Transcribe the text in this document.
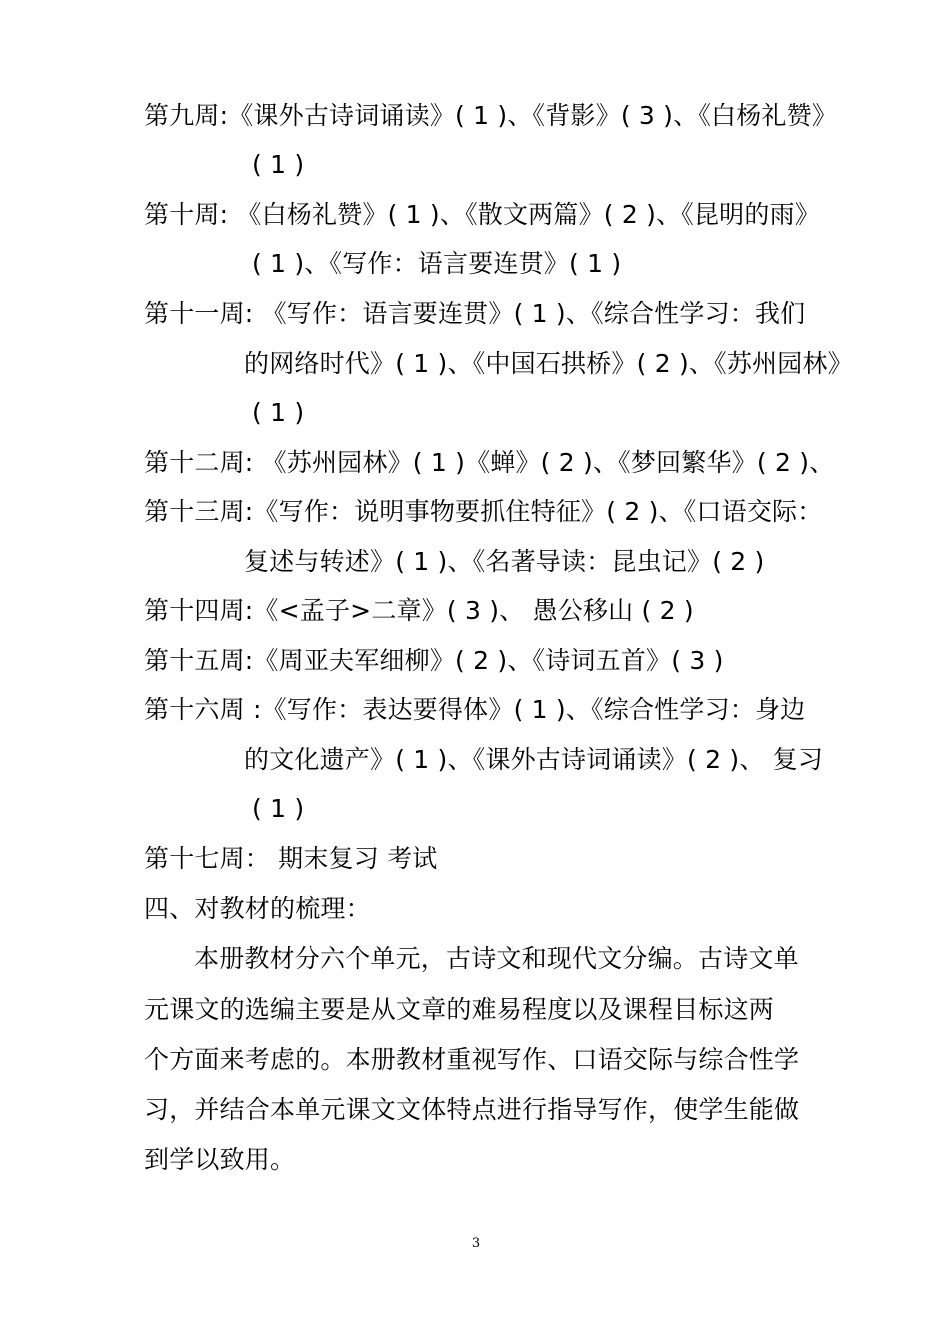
第九周:《课外古诗词诵读》( 1 )、《背影》( 3 )、《白杨礼赞》
( 1 )
第十周: 《白杨礼赞》( 1 )、《散文两篇》( 2 )、《昆明的雨》
( 1 )、《写作：语言要连贯》( 1 )
第十一周: 《写作：语言要连贯》( 1 )、《综合性学习：我们
的网络时代》( 1 )、《中国石拱桥》( 2 )、《苏州园林》
( 1 )
第十二周: 《苏州园林》( 1 )《蝉》( 2 )、《梦回繁华》( 2 )、
第十三周:《写作：说明事物要抓住特征》( 2 )、《口语交际：
复述与转述》( 1 )、《名著导读：昆虫记》( 2 )
第十四周:《<孟子>二章》( 3 )、 愚公移山 ( 2 )
第十五周:《周亚夫军细柳》( 2 )、《诗词五首》( 3 )
第十六周 :《写作：表达要得体》( 1 )、《综合性学习：身边
的文化遗产》( 1 )、《课外古诗词诵读》( 2 )、 复习
( 1 )
第十七周： 期末复习 考试
四、对教材的梳理：
本册教材分六个单元，古诗文和现代文分编。古诗文单
元课文的选编主要是从文章的难易程度以及课程目标这两
个方面来考虑的。本册教材重视写作、口语交际与综合性学
习，并结合本单元课文文体特点进行指导写作，使学生能做
到学以致用。
3
